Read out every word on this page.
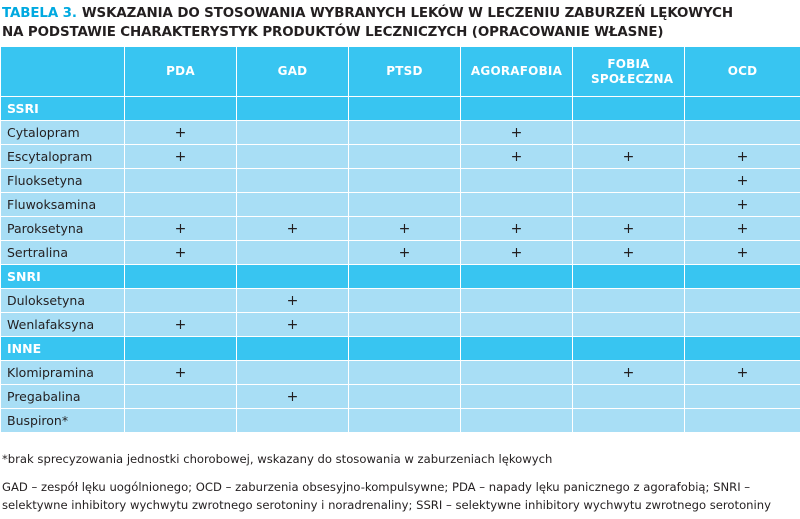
TABELA 3. WSKAZANIA DO STOSOWANIA WYBRANYCH LEKÓW W LECZENIU ZABURZEŃ LĘKOWYCH
NA PODSTAWIE CHARAKTERYSTYK PRODUKTÓW LECZNICZYCH (OPRACOWANIE WŁASNE)
	PDA	GAD	PTSD	AGORAFOBIA	FOBIA SPOŁECZNA	OCD
SSRI						
Cytalopram	+			+		
Escytalopram	+			+	+	+
Fluoksetyna						+
Fluwoksamina						+
Paroksetyna	+	+	+	+	+	+
Sertralina	+		+	+	+	+
SNRI						
Duloksetyna		+				
Wenlafaksyna	+	+				
INNE						
Klomipramina	+				+	+
Pregabalina		+				
Buspiron*						
*brak sprecyzowania jednostki chorobowej, wskazany do stosowania w zaburzeniach lękowych
GAD – zespół lęku uogólnionego; OCD – zaburzenia obsesyjno-kompulsywne; PDA – napady lęku panicznego z agorafobią; SNRI – selektywne inhibitory wychwytu zwrotnego serotoniny i noradrenaliny; SSRI – selektywne inhibitory wychwytu zwrotnego serotoniny
